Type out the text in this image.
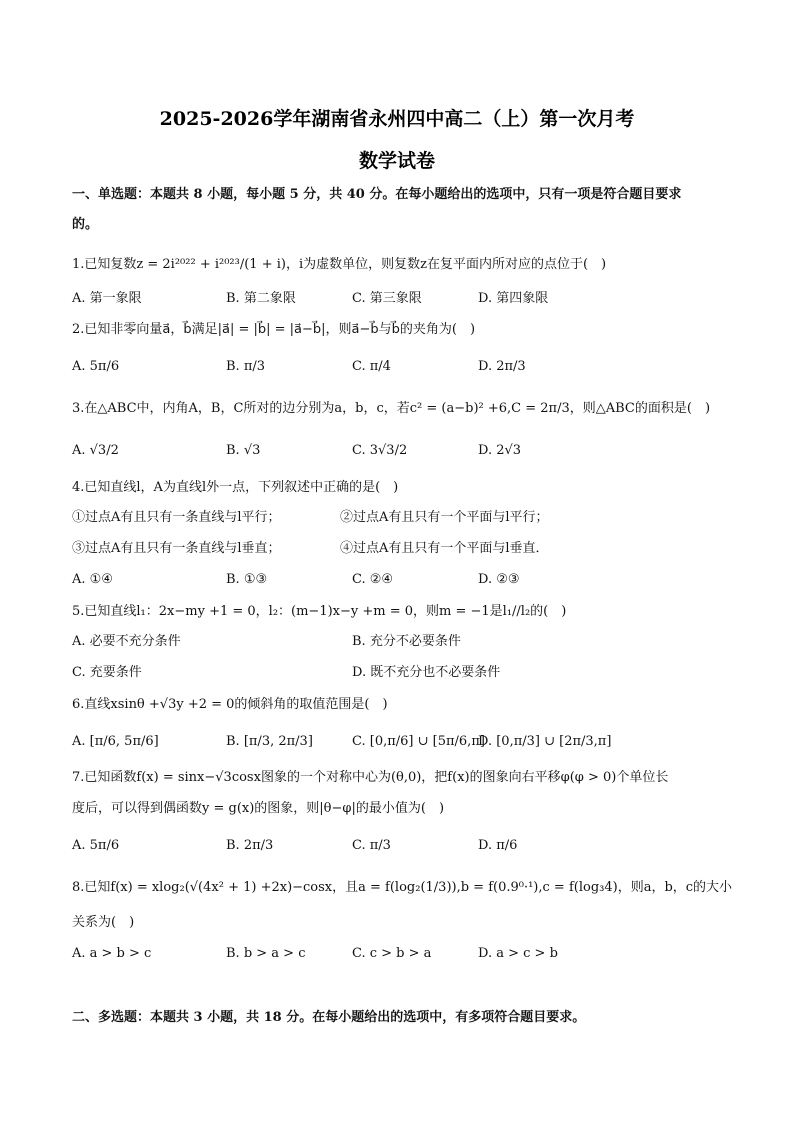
2025-2026学年湖南省永州四中高二（上）第一次月考
数学试卷
一、单选题：本题共 8 小题，每小题 5 分，共 40 分。在每小题给出的选项中，只有一项是符合题目要求
的。
1.已知复数z = 2i²⁰²² + i²⁰²³/(1 + i)，i为虚数单位，则复数z在复平面内所对应的点位于(　)
A. 第一象限	B. 第二象限	C. 第三象限	D. 第四象限
2.已知非零向量a⃗，b⃗满足|a⃗| = |b⃗| = |a⃗−b⃗|，则a⃗−b⃗与b⃗的夹角为(　)
A. 5π/6	B. π/3	C. π/4	D. 2π/3
3.在△ABC中，内角A，B，C所对的边分别为a，b，c，若c² = (a−b)² +6,C = 2π/3，则△ABC的面积是(　)
A. √3/2	B. √3	C. 3√3/2	D. 2√3
4.已知直线l，A为直线l外一点，下列叙述中正确的是(　)
①过点A有且只有一条直线与l平行；	②过点A有且只有一个平面与l平行；
③过点A有且只有一条直线与l垂直；	④过点A有且只有一个平面与l垂直．
A. ①④	B. ①③	C. ②④	D. ②③
5.已知直线l₁：2x−my +1 = 0，l₂：(m−1)x−y +m = 0，则m = −1是l₁//l₂的(　)
A. 必要不充分条件	B. 充分不必要条件
C. 充要条件	D. 既不充分也不必要条件
6.直线xsinθ +√3y +2 = 0的倾斜角的取值范围是(　)
A. [π/6, 5π/6]	B. [π/3, 2π/3]	C. [0,π/6] ∪ [5π/6,π]
D. [0,π/3] ∪ [2π/3,π]
7.已知函数f(x) = sinx−√3cosx图象的一个对称中心为(θ,0)，把f(x)的图象向右平移φ(φ > 0)个单位长
度后，可以得到偶函数y = g(x)的图象，则|θ−φ|的最小值为(　)
A. 5π/6	B. 2π/3	C. π/3	D. π/6
8.已知f(x) = xlog₂(√(4x² + 1) +2x)−cosx，且a = f(log₂(1/3)),b = f(0.9⁰·¹),c = f(log₃4)，则a，b，c的大小
关系为(　)
A. a > b > c	B. b > a > c	C. c > b > a	D. a > c > b
二、多选题：本题共 3 小题，共 18 分。在每小题给出的选项中，有多项符合题目要求。
